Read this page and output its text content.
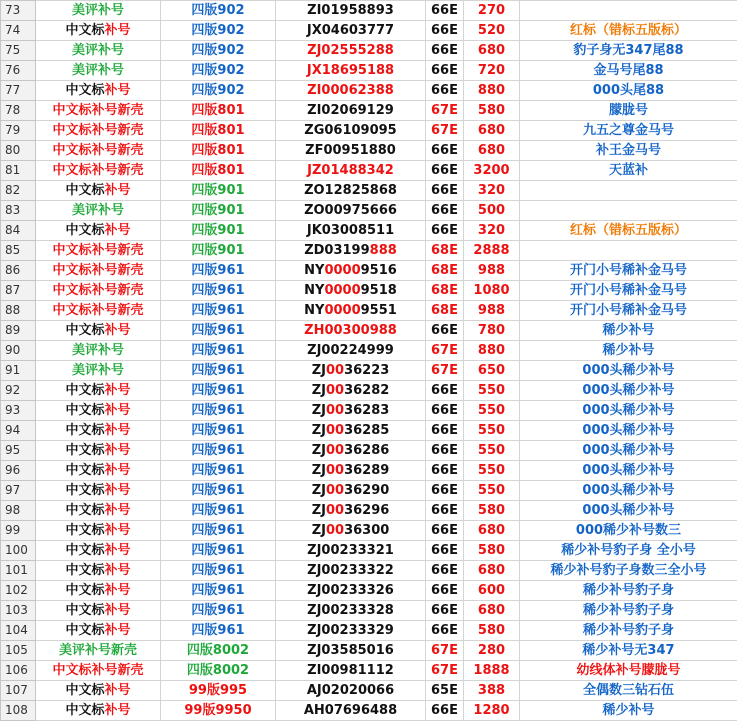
73	美评补号	四版902	ZI01958893	66E	270	
74	中文标补号	四版902	JX04603777	66E	520	红标（错标五版标）
75	美评补号	四版902	ZJ02555288	66E	680	豹子身无347尾88
76	美评补号	四版902	JX18695188	66E	720	金马号尾88
77	中文标补号	四版902	ZI00062388	66E	880	000头尾88
78	中文标补号新壳	四版801	ZI02069129	67E	580	朦胧号
79	中文标补号新壳	四版801	ZG06109095	67E	680	九五之尊金马号
80	中文标补号新壳	四版801	ZF00951880	66E	680	补王金马号
81	中文标补号新壳	四版801	JZ01488342	66E	3200	天蓝补
82	中文标补号	四版901	ZO12825868	66E	320	
83	美评补号	四版901	ZO00975666	66E	500	
84	中文标补号	四版901	JK03008511	66E	320	红标（错标五版标）
85	中文标补号新壳	四版901	ZD03199888	68E	2888	
86	中文标补号新壳	四版961	NY00009516	68E	988	开门小号稀补金马号
87	中文标补号新壳	四版961	NY00009518	68E	1080	开门小号稀补金马号
88	中文标补号新壳	四版961	NY00009551	68E	988	开门小号稀补金马号
89	中文标补号	四版961	ZH00300988	66E	780	稀少补号
90	美评补号	四版961	ZJ00224999	67E	880	稀少补号
91	美评补号	四版961	ZJ0036223	67E	650	000头稀少补号
92	中文标补号	四版961	ZJ0036282	66E	550	000头稀少补号
93	中文标补号	四版961	ZJ0036283	66E	550	000头稀少补号
94	中文标补号	四版961	ZJ0036285	66E	550	000头稀少补号
95	中文标补号	四版961	ZJ0036286	66E	550	000头稀少补号
96	中文标补号	四版961	ZJ0036289	66E	550	000头稀少补号
97	中文标补号	四版961	ZJ0036290	66E	550	000头稀少补号
98	中文标补号	四版961	ZJ0036296	66E	580	000头稀少补号
99	中文标补号	四版961	ZJ0036300	66E	680	000稀少补号数三
100	中文标补号	四版961	ZJ00233321	66E	580	稀少补号豹子身 全小号
101	中文标补号	四版961	ZJ00233322	66E	680	稀少补号豹子身数三全小号
102	中文标补号	四版961	ZJ00233326	66E	600	稀少补号豹子身
103	中文标补号	四版961	ZJ00233328	66E	680	稀少补号豹子身
104	中文标补号	四版961	ZJ00233329	66E	580	稀少补号豹子身
105	美评补号新壳	四版8002	ZJ03585016	67E	280	稀少补号无347
106	中文标补号新壳	四版8002	ZI00981112	67E	1888	幼线体补号朦胧号
107	中文标补号	99版995	AJ02020066	65E	388	全偶数三钻石伍
108	中文标补号	99版9950	AH07696488	66E	1280	稀少补号
